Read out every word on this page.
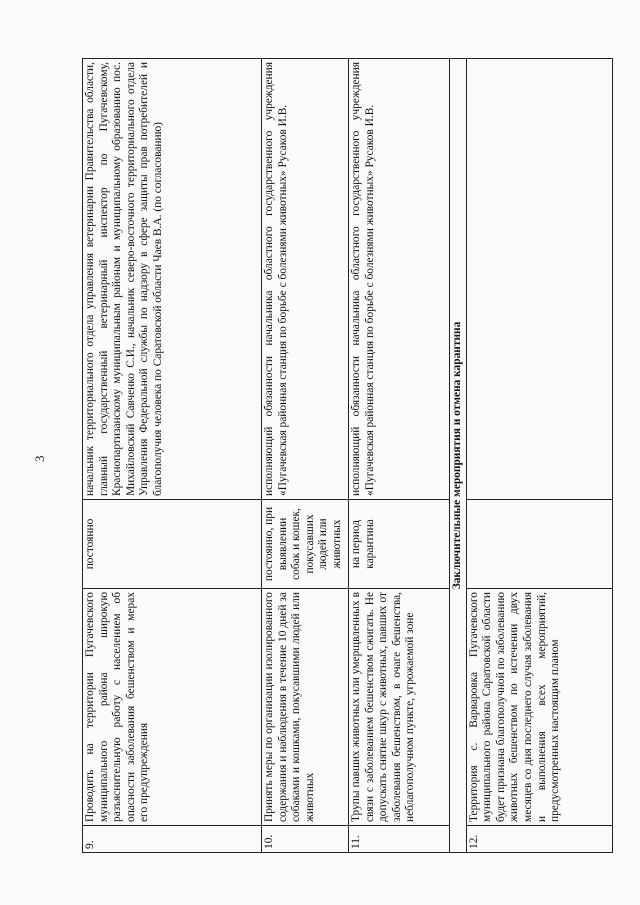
3
9.	Проводить на территории Пугачевского муниципального района широкую разъяснительную работу с населением об опасности заболевания бешенством и мерах его предупреждения	постоянно	начальник территориального отдела управления ветеринарии Правительства области, главный государственный ветеринарный инспектор по Пугачевскому, Краснопартизанскому муниципальным районам и муниципальному образованию пос. Михайловский Савченко С.И., начальник северо-восточного территориального отдела Управления Федеральной службы по надзору в сфере защиты прав потребителей и благополучия человека по Саратовской области Чаев В.А. (по согласованию)
10.	Принять меры по организации изолированного содержания и наблюдения в течение 10 дней за собаками и кошками, покусавшими людей или животных	постоянно, при выявлении собак и кошек, покусавших людей или животных	исполняющий обязанности начальника областного государственного учреждения «Пугачевская районная станция по борьбе с болезнями животных» Русаков И.В.
11.	Трупы павших животных или умерщвленных в связи с заболеванием бешенством сжигать. Не допускать снятие шкур с животных, павших от заболевания бешенством, в очаге бешенства, неблагополучном пункте, угрожаемой зоне	на период карантина	исполняющий обязанности начальника областного государственного учреждения «Пугачевская районная станция по борьбе с болезнями животных» Русаков И.В.
Заключительные мероприятия и отмена карантина			
12.	Территория с. Варваровка Пугачевского муниципального района Саратовской области будет признана благополучной по заболеванию животных бешенством по истечении двух месяцев со дня последнего случая заболевания и выполнения всех мероприятий, предусмотренных настоящим планом		
